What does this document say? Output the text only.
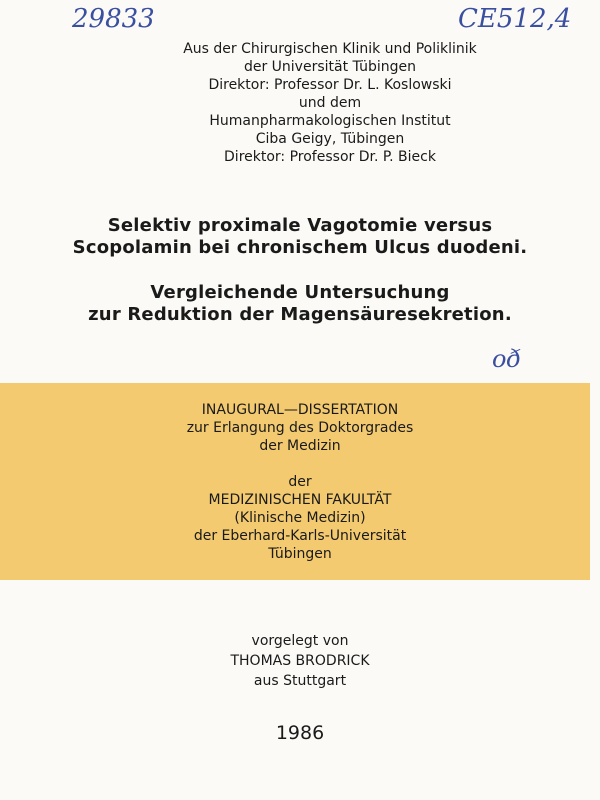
29833	CE512,4
oð
Aus der Chirurgischen Klinik und Poliklinik
der Universität Tübingen
Direktor: Professor Dr. L. Koslowski
und dem
Humanpharmakologischen Institut
Ciba Geigy, Tübingen
Direktor: Professor Dr. P. Bieck
Selektiv proximale Vagotomie versus
Scopolamin bei chronischem Ulcus duodeni.
Vergleichende Untersuchung
zur Reduktion der Magensäuresekretion.
INAUGURAL—DISSERTATION
zur Erlangung des Doktorgrades
der Medizin
der
MEDIZINISCHEN FAKULTÄT
(Klinische Medizin)
der Eberhard-Karls-Universität
Tübingen
vorgelegt von
THOMAS BRODRICK
aus Stuttgart
1986
